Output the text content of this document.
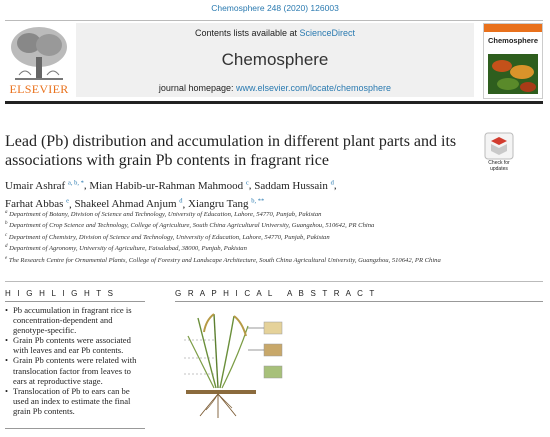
Chemosphere 248 (2020) 126003
ELSEVIER
Contents lists available at ScienceDirect
Chemosphere
journal homepage: www.elsevier.com/locate/chemosphere
Chemosphere
Lead (Pb) distribution and accumulation in different plant parts and its associations with grain Pb contents in fragrant rice	Check for updates
Umair Ashraf $^{a, b, *}$, Mian Habib-ur-Rahman Mahmood $^c$, Saddam Hussain $^d$,
Farhat Abbas $^e$, Shakeel Ahmad Anjum $^d$, Xiangru Tang $^{b, **}$
$^a$ Department of Botany, Division of Science and Technology, University of Education, Lahore, 54770, Punjab, Pakistan
$^b$ Department of Crop Science and Technology, College of Agriculture, South China Agricultural University, Guangzhou, 510642, PR China
$^c$ Department of Chemistry, Division of Science and Technology, University of Education, Lahore, 54770, Punjab, Pakistan
$^d$ Department of Agronomy, University of Agriculture, Faisalabad, 38000, Punjab, Pakistan
$^e$ The Research Centre for Ornamental Plants, College of Forestry and Landscape Architecture, South China Agricultural University, Guangzhou, 510642, PR China
H I G H L I G H T S
• Pb accumulation in fragrant rice is concentration-dependent and genotype-specific.
• Grain Pb contents were associated with leaves and ear Pb contents.
• Grain Pb contents were related with translocation factor from leaves to ears at reproductive stage.
• Translocation of Pb to ears can be used an index to estimate the final grain Pb contents.
G R A P H I C A L   A B S T R A C T
